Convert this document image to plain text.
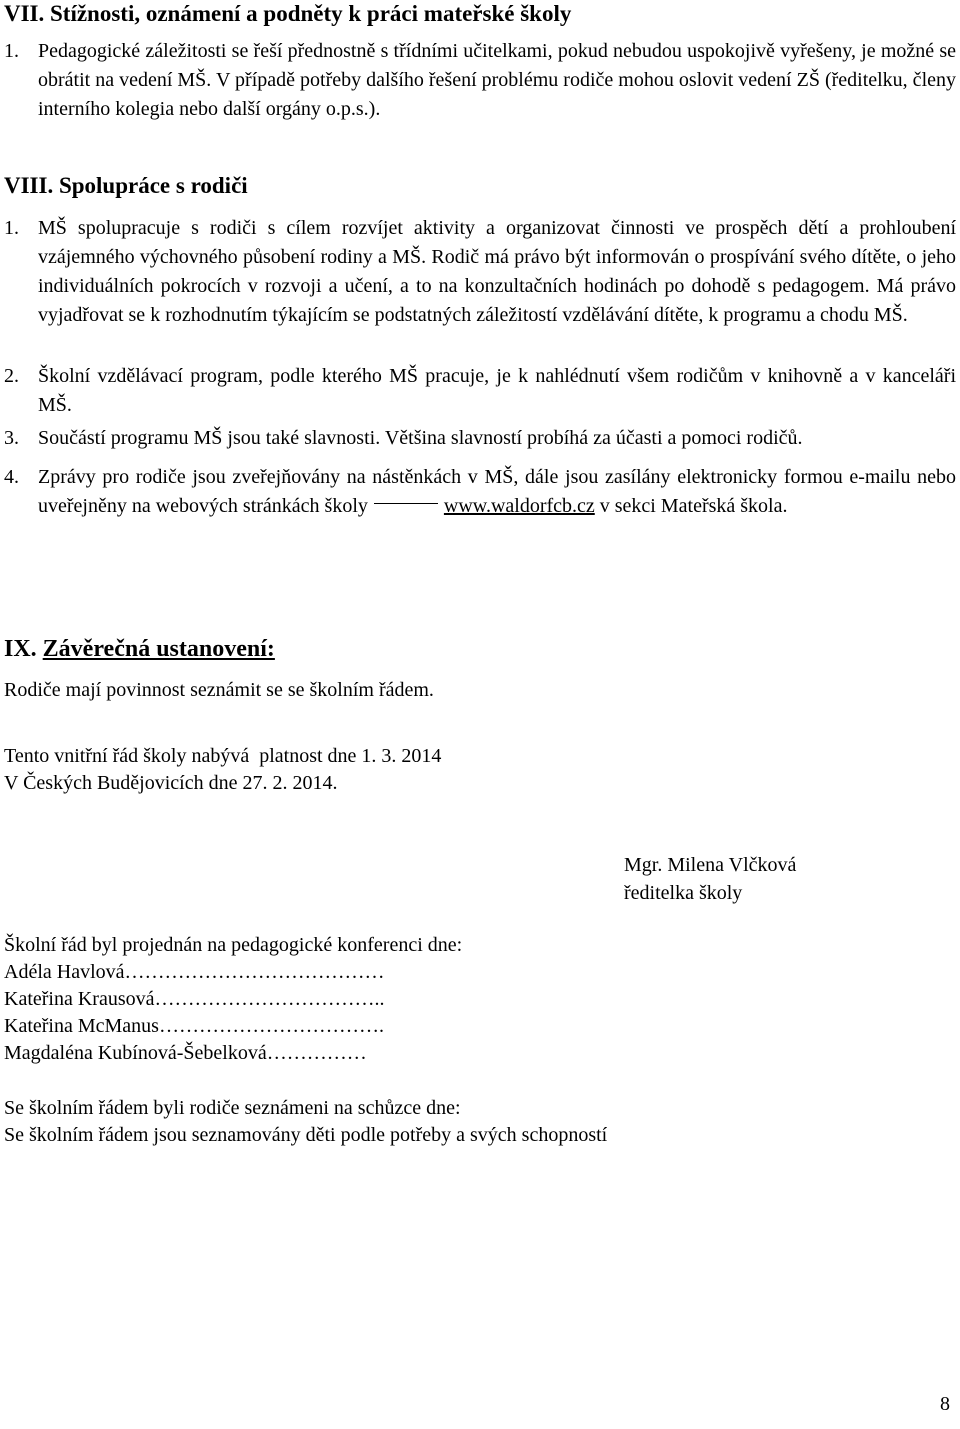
VII. Stížnosti, oznámení a podněty k práci mateřské školy
1. Pedagogické záležitosti se řeší přednostně s třídními učitelkami, pokud nebudou uspokojivě vyřešeny, je možné se obrátit na vedení MŠ. V případě potřeby dalšího řešení problému rodiče mohou oslovit vedení ZŠ (ředitelku, členy interního kolegia nebo další orgány o.p.s.).
VIII. Spolupráce s rodiči
1. MŠ spolupracuje s rodiči s cílem rozvíjet aktivity a organizovat činnosti ve prospěch dětí a prohloubení vzájemného výchovného působení rodiny a MŠ. Rodič má právo být informován o prospívání svého dítěte, o jeho individuálních pokrocích v rozvoji a učení, a to na konzultačních hodinách po dohodě s pedagogem. Má právo vyjadřovat se k rozhodnutím týkajícím se podstatných záležitostí vzdělávání dítěte, k programu a chodu MŠ.
2. Školní vzdělávací program, podle kterého MŠ pracuje, je k nahlédnutí všem rodičům v knihovně a v kanceláři MŠ.
3. Součástí programu MŠ jsou také slavnosti. Většina slavností probíhá za účasti a pomoci rodičů.
4. Zprávy pro rodiče jsou zveřejňovány na nástěnkách v MŠ, dále jsou zasílány elektronicky formou e-mailu nebo uveřejněny na webových stránkách školy	www.waldorfcb.cz v sekci Mateřská škola.
IX. Závěrečná ustanovení:
Rodiče mají povinnost seznámit se se školním řádem.
Tento vnitřní řád školy nabývá  platnost dne 1. 3. 2014
V Českých Budějovicích dne 27. 2. 2014.
Mgr. Milena Vlčková
ředitelka školy
Školní řád byl projednán na pedagogické konferenci dne:
Adéla Havlová…………………………………
Kateřina Krausová……………………………..
Kateřina McManus…………………………….
Magdaléna Kubínová-Šebelková……………
Se školním řádem byli rodiče seznámeni na schůzce dne:
Se školním řádem jsou seznamovány děti podle potřeby a svých schopností
8
